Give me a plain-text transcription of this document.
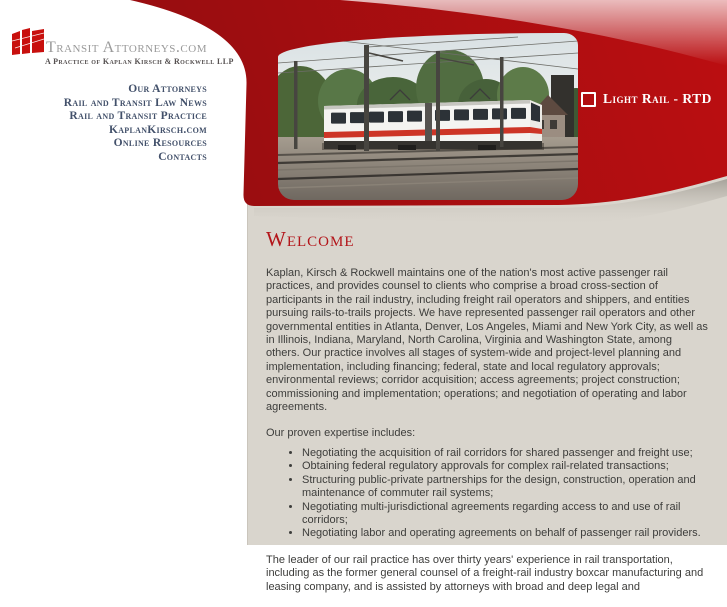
Light Rail - RTD
Transit Attorneys.com
A Practice of Kaplan Kirsch & Rockwell LLP
Our Attorneys
Rail and Transit Law News
Rail and Transit Practice
KaplanKirsch.com
Online Resources
Contacts
Welcome

Kaplan, Kirsch & Rockwell maintains one of the nation's most active passenger rail practices, and provides counsel to clients who comprise a broad cross-section of participants in the rail industry, including freight rail operators and shippers, and entities pursuing rails-to-trails projects. We have represented passenger rail operators and other governmental entities in Atlanta, Denver, Los Angeles, Miami and New York City, as well as in Illinois, Indiana, Maryland, North Carolina, Virginia and Washington State, among others. Our practice involves all stages of system-wide and project-level planning and implementation, including financing; federal, state and local regulatory approvals; environmental reviews; corridor acquisition; access agreements; project construction; commissioning and implementation; operations; and negotiation of operating and labor agreements.

Our proven expertise includes:

• Negotiating the acquisition of rail corridors for shared passenger and freight use;
• Obtaining federal regulatory approvals for complex rail-related transactions;
• Structuring public-private partnerships for the design, construction, operation and maintenance of commuter rail systems;
• Negotiating multi-jurisdictional agreements regarding access to and use of rail corridors;
• Negotiating labor and operating agreements on behalf of passenger rail providers.

The leader of our rail practice has over thirty years' experience in rail transportation, including as the former general counsel of a freight-rail industry boxcar manufacturing and leasing company, and is assisted by attorneys with broad and deep legal and
